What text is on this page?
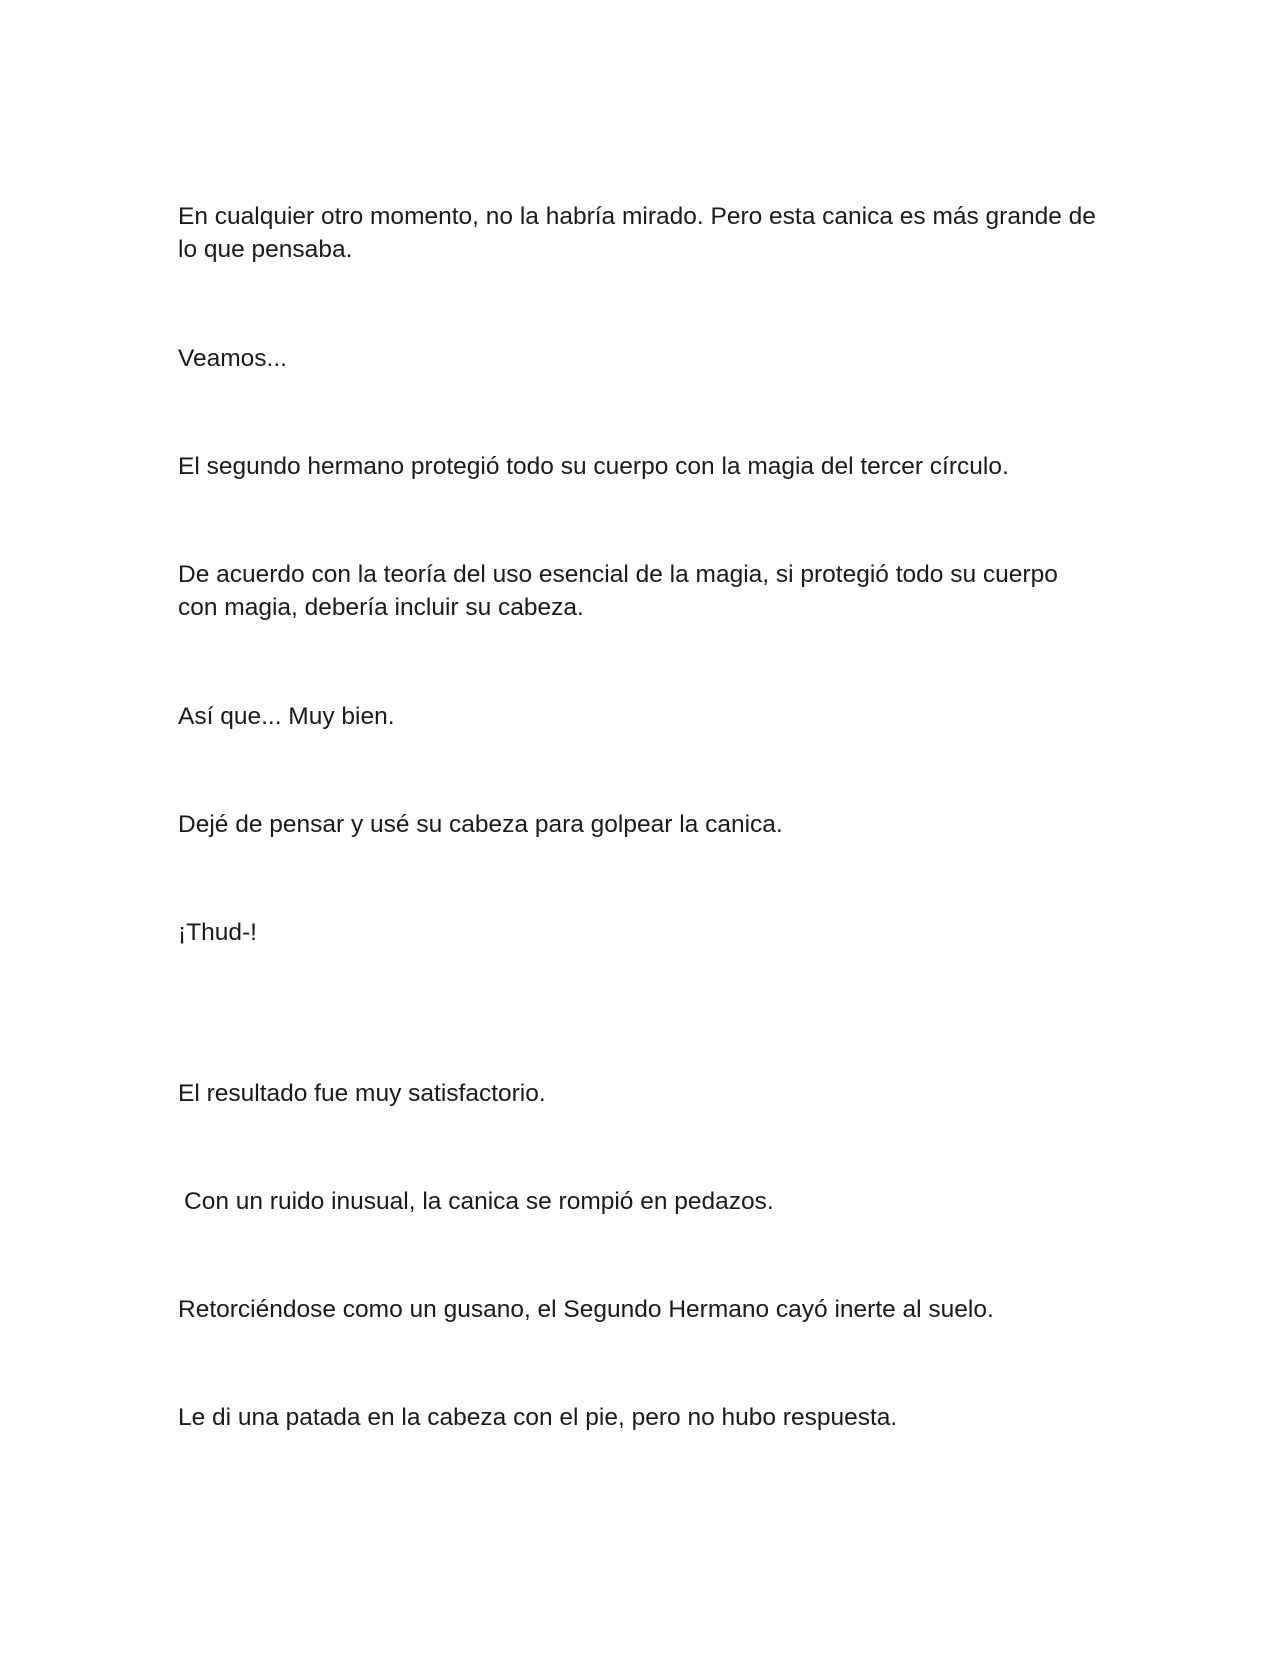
En cualquier otro momento, no la habría mirado. Pero esta canica es más grande de lo que pensaba.

Veamos...

El segundo hermano protegió todo su cuerpo con la magia del tercer círculo.

De acuerdo con la teoría del uso esencial de la magia, si protegió todo su cuerpo con magia, debería incluir su cabeza.

Así que... Muy bien.

Dejé de pensar y usé su cabeza para golpear la canica.

¡Thud-!

El resultado fue muy satisfactorio.

Con un ruido inusual, la canica se rompió en pedazos.

Retorciéndose como un gusano, el Segundo Hermano cayó inerte al suelo.

Le di una patada en la cabeza con el pie, pero no hubo respuesta.
